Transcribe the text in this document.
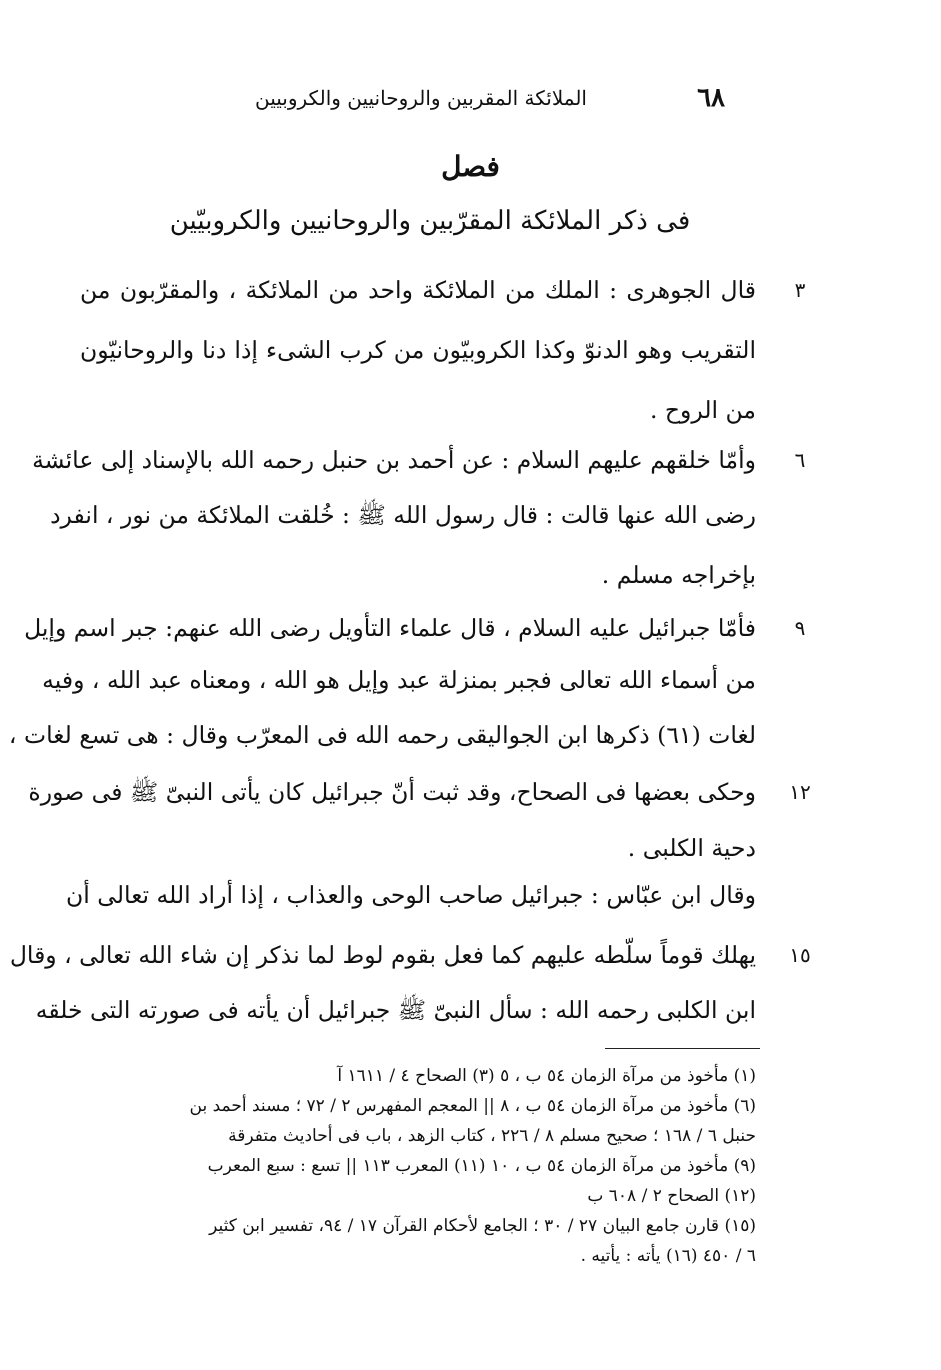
٦٨
الملائكة المقربين والروحانيين والكروبيين
فصل
فى ذكر الملائكة المقرّبين والروحانيين والكروبيّين
قال الجوهرى : الملك من الملائكة واحد من الملائكة ، والمقرّبون من	٣
التقريب وهو الدنوّ وكذا الكروبيّون من كرب الشىء إذا دنا والروحانيّون
من الروح .
وأمّا خلقهم عليهم السلام : عن أحمد بن حنبل رحمه الله بالإسناد إلى عائشة	٦
رضى الله عنها قالت : قال رسول الله ﷺ : خُلقت الملائكة من نور ، انفرد
بإخراجه مسلم .
فأمّا جبرائيل عليه السلام ، قال علماء التأويل رضى الله عنهم: جبر اسم وإيل	٩
من أسماء الله تعالى فجبر بمنزلة عبد وإيل هو الله ، ومعناه عبد الله ، وفيه
لغات (٦١) ذكرها ابن الجواليقى رحمه الله فى المعرّب وقال : هى تسع لغات ،
وحكى بعضها فى الصحاح، وقد ثبت أنّ جبرائيل كان يأتى النبىّ ﷺ فى صورة	١٢
دحية الكلبى .
وقال ابن عبّاس : جبرائيل صاحب الوحى والعذاب ، إذا أراد الله تعالى أن
يهلك قوماً سلّطه عليهم كما فعل بقوم لوط لما نذكر إن شاء الله تعالى ، وقال	١٥
ابن الكلبى رحمه الله : سأل النبىّ ﷺ جبرائيل أن يأته فى صورته التى خلقه
(١) مأخوذ من مرآة الزمان ٥٤ ب ، ٥ (٣) الصحاح ٤ / ١٦١١ آ
(٦) مأخوذ من مرآة الزمان ٥٤ ب ، ٨ || المعجم المفهرس ٢ / ٧٢ ؛ مسند أحمد بن
حنبل ٦ / ١٦٨ ؛ صحيح مسلم ٨ / ٢٢٦ ، كتاب الزهد ، باب فى أحاديث متفرقة
(٩) مأخوذ من مرآة الزمان ٥٤ ب ، ١٠ (١١) المعرب ١١٣ || تسع : سبع المعرب
(١٢) الصحاح ٢ / ٦٠٨ ب
(١٥) قارن جامع البيان ٢٧ / ٣٠ ؛ الجامع لأحكام القرآن ١٧ / ٩٤، تفسير ابن كثير
٦ / ٤٥٠ (١٦) يأته : يأتيه .
